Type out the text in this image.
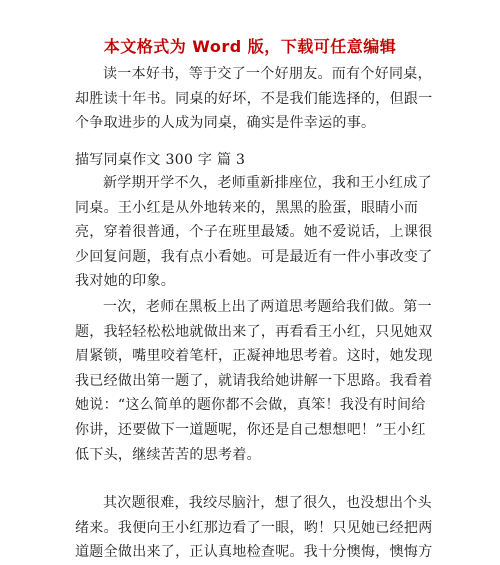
本文格式为 Word 版，下载可任意编辑

读一本好书，等于交了一个好朋友。而有个好同桌，
却胜读十年书。同桌的好坏，不是我们能选择的，但跟一
个争取进步的人成为同桌，确实是件幸运的事。

描写同桌作文 300 字 篇 3

新学期开学不久，老师重新排座位，我和王小红成了
同桌。王小红是从外地转来的，黑黑的脸蛋，眼睛小而
亮，穿着很普通，个子在班里最矮。她不爱说话，上课很
少回复问题，我有点小看她。可是最近有一件小事改变了
我对她的印象。

一次，老师在黑板上出了两道思考题给我们做。第一
题，我轻轻松松地就做出来了，再看看王小红，只见她双
眉紧锁，嘴里咬着笔杆，正凝神地思考着。这时，她发现
我已经做出第一题了，就请我给她讲解一下思路。我看着
她说：“这么简单的题你都不会做，真笨！我没有时间给
你讲，还要做下一道题呢，你还是自己想想吧！”王小红
低下头，继续苦苦的思考着。

其次题很难，我绞尽脑汁，想了很久，也没想出个头
绪来。我便向王小红那边看了一眼，哟！只见她已经把两
道题全做出来了，正认真地检查呢。我十分懊悔，懊悔方
